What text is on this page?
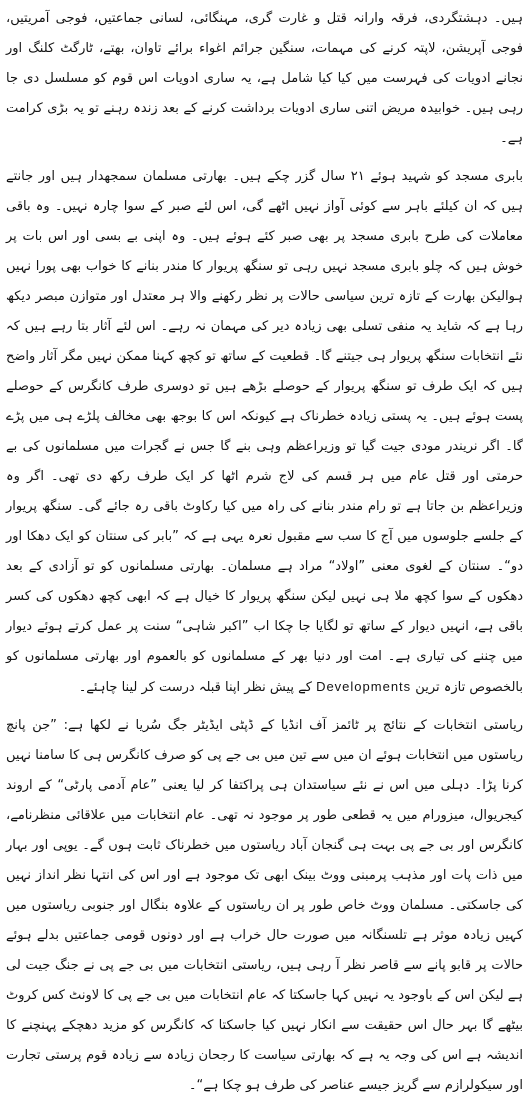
ہیں۔ دہشتگردی، فرقہ وارانہ قتل و غارت گری، مہنگائی، لسانی جماعتیں، فوجی آمریتیں، فوجی آپریشن، لاپتہ کرنے کی مہمات، سنگین جرائم اغواء برائے تاوان، بھتے، ٹارگٹ کلنگ اور نجانے ادویات کی فہرست میں کیا کیا شامل ہے، یہ ساری ادویات اس قوم کو مسلسل دی جا رہی ہیں۔ خوابیدہ مریض اتنی ساری ادویات برداشت کرنے کے بعد زندہ رہنے تو یہ بڑی کرامت ہے۔

بابری مسجد کو شہید ہوئے ۲۱ سال گزر چکے ہیں۔ بھارتی مسلمان سمجھدار ہیں اور جانتے ہیں کہ ان کیلئے باہر سے کوئی آواز نہیں اٹھے گی، اس لئے صبر کے سوا چارہ نہیں۔ وہ باقی معاملات کی طرح بابری مسجد پر بھی صبر کئے ہوئے ہیں۔ وہ اپنی بے بسی اور اس بات پر خوش ہیں کہ چلو بابری مسجد نہیں رہی تو سنگھ پریوار کا مندر بنانے کا خواب بھی پورا نہیں ہوالیکن بھارت کے تازہ ترین سیاسی حالات پر نظر رکھنے والا ہر معتدل اور متوازن مبصر دیکھ رہا ہے کہ شاید یہ منفی تسلی بھی زیادہ دیر کی مہمان نہ رہے۔ اس لئے آثار بتا رہے ہیں کہ نئے انتخابات سنگھ پریوار ہی جیتنے گا۔ قطعیت کے ساتھ تو کچھ کہنا ممکن نہیں مگر آثار واضح ہیں کہ ایک طرف تو سنگھ پریوار کے حوصلے بڑھے ہیں تو دوسری طرف کانگرس کے حوصلے پست ہوئے ہیں۔ یہ پستی زیادہ خطرناک ہے کیونکہ اس کا بوجھ بھی مخالف پلڑے ہی میں پڑے گا۔ اگر نریندر مودی جیت گیا تو وزیراعظم وہی بنے گا جس نے گجرات میں مسلمانوں کی بے حرمتی اور قتل عام میں ہر قسم کی لاج شرم اٹھا کر ایک طرف رکھ دی تھی۔ اگر وہ وزیراعظم بن جاتا ہے تو رام مندر بنانے کی راہ میں کیا رکاوٹ باقی رہ جائے گی۔ سنگھ پریوار کے جلسے جلوسوں میں آج کا سب سے مقبول نعرہ یہی ہے کہ ”بابر کی سنتان کو ایک دھکا اور دو“۔ سنتان کے لغوی معنی ”اولاد“ مراد ہے مسلمان۔ بھارتی مسلمانوں کو تو آزادی کے بعد دھکوں کے سوا کچھ ملا ہی نہیں لیکن سنگھ پریوار کا خیال ہے کہ ابھی کچھ دھکوں کی کسر باقی ہے، انہیں دیوار کے ساتھ تو لگایا جا چکا اب ”اکبر شاہی“ سنت پر عمل کرتے ہوئے دیوار میں چننے کی تیاری ہے۔ امت اور دنیا بھر کے مسلمانوں کو بالعموم اور بھارتی مسلمانوں کو بالخصوص تازہ ترین Developments کے پیش نظر اپنا قبلہ درست کر لینا چاہئے۔

ریاستی انتخابات کے نتائج پر ٹائمز آف انڈیا کے ڈپٹی ایڈیٹر جگ سُریا نے لکھا ہے: ”جن پانچ ریاستوں میں انتخابات ہوئے ان میں سے تین میں بی جے پی کو صرف کانگرس ہی کا سامنا نہیں کرنا پڑا۔ دہلی میں اس نے نئے سیاستدان ہی پراکتفا کر لیا یعنی ”عام آدمی پارٹی“ کے اروند کیجریوال، میزورام میں یہ قطعی طور پر موجود نہ تھی۔ عام انتخابات میں علاقائی منظرنامے، کانگرس اور بی جے پی بہت ہی گنجان آباد ریاستوں میں خطرناک ثابت ہوں گے۔ یوپی اور بہار میں ذات پات اور مذہب پرمبنی ووٹ بینک ابھی تک موجود ہے اور اس کی انتہا نظر انداز نہیں کی جاسکتی۔ مسلمان ووٹ خاص طور پر ان ریاستوں کے علاوہ بنگال اور جنوبی ریاستوں میں کہیں زیادہ موثر ہے تلسنگانہ میں صورت حال خراب ہے اور دونوں قومی جماعتیں بدلے ہوئے حالات پر قابو پانے سے قاصر نظر آ رہی ہیں، ریاستی انتخابات میں بی جے پی نے جنگ جیت لی ہے لیکن اس کے باوجود یہ نہیں کہا جاسکتا کہ عام انتخابات میں بی جے پی کا لاونٹ کس کروٹ بیٹھے گا بہر حال اس حقیقت سے انکار نہیں کیا جاسکتا کہ کانگرس کو مزید دھچکے پہنچنے کا اندیشہ ہے اس کی وجہ یہ ہے کہ بھارتی سیاست کا رجحان زیادہ سے زیادہ قوم پرستی تجارت اور سیکولرازم سے گریز جیسے عناصر کی طرف ہو چکا ہے“۔
